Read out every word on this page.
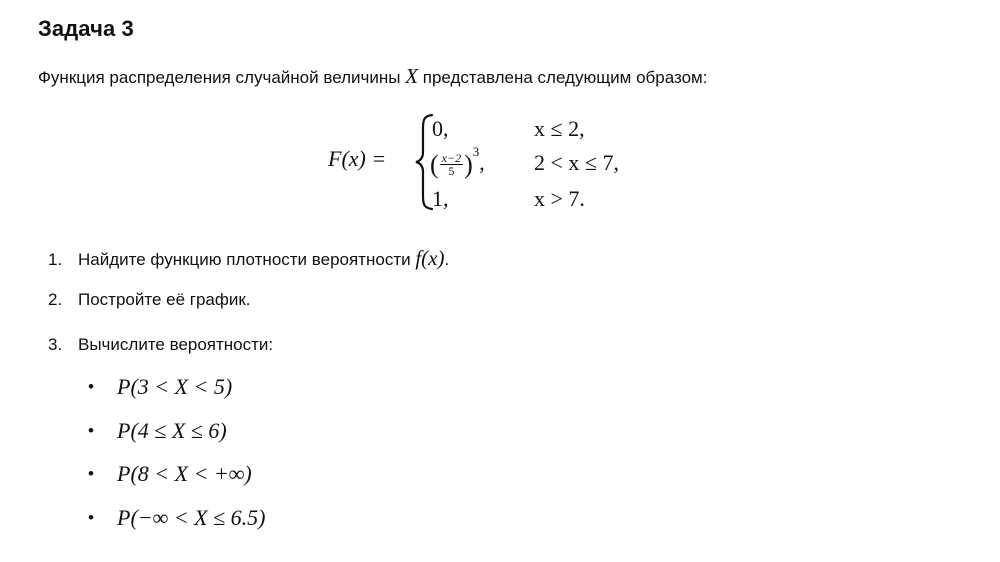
Задача 3
Функция распределения случайной величины X представлена следующим образом:
F(x) =
0,	x ≤ 2,
( $\frac{x-2}{5} )^3$, 2 < x ≤ 7,
1,	x > 7.
1. Найдите функцию плотности вероятности f(x).
2. Постройте её график.
3. Вычислите вероятности:
• P(3 < X < 5)
• P(4 ≤ X ≤ 6)
• P(8 < X < +∞)
• P(−∞ < X ≤ 6.5)
